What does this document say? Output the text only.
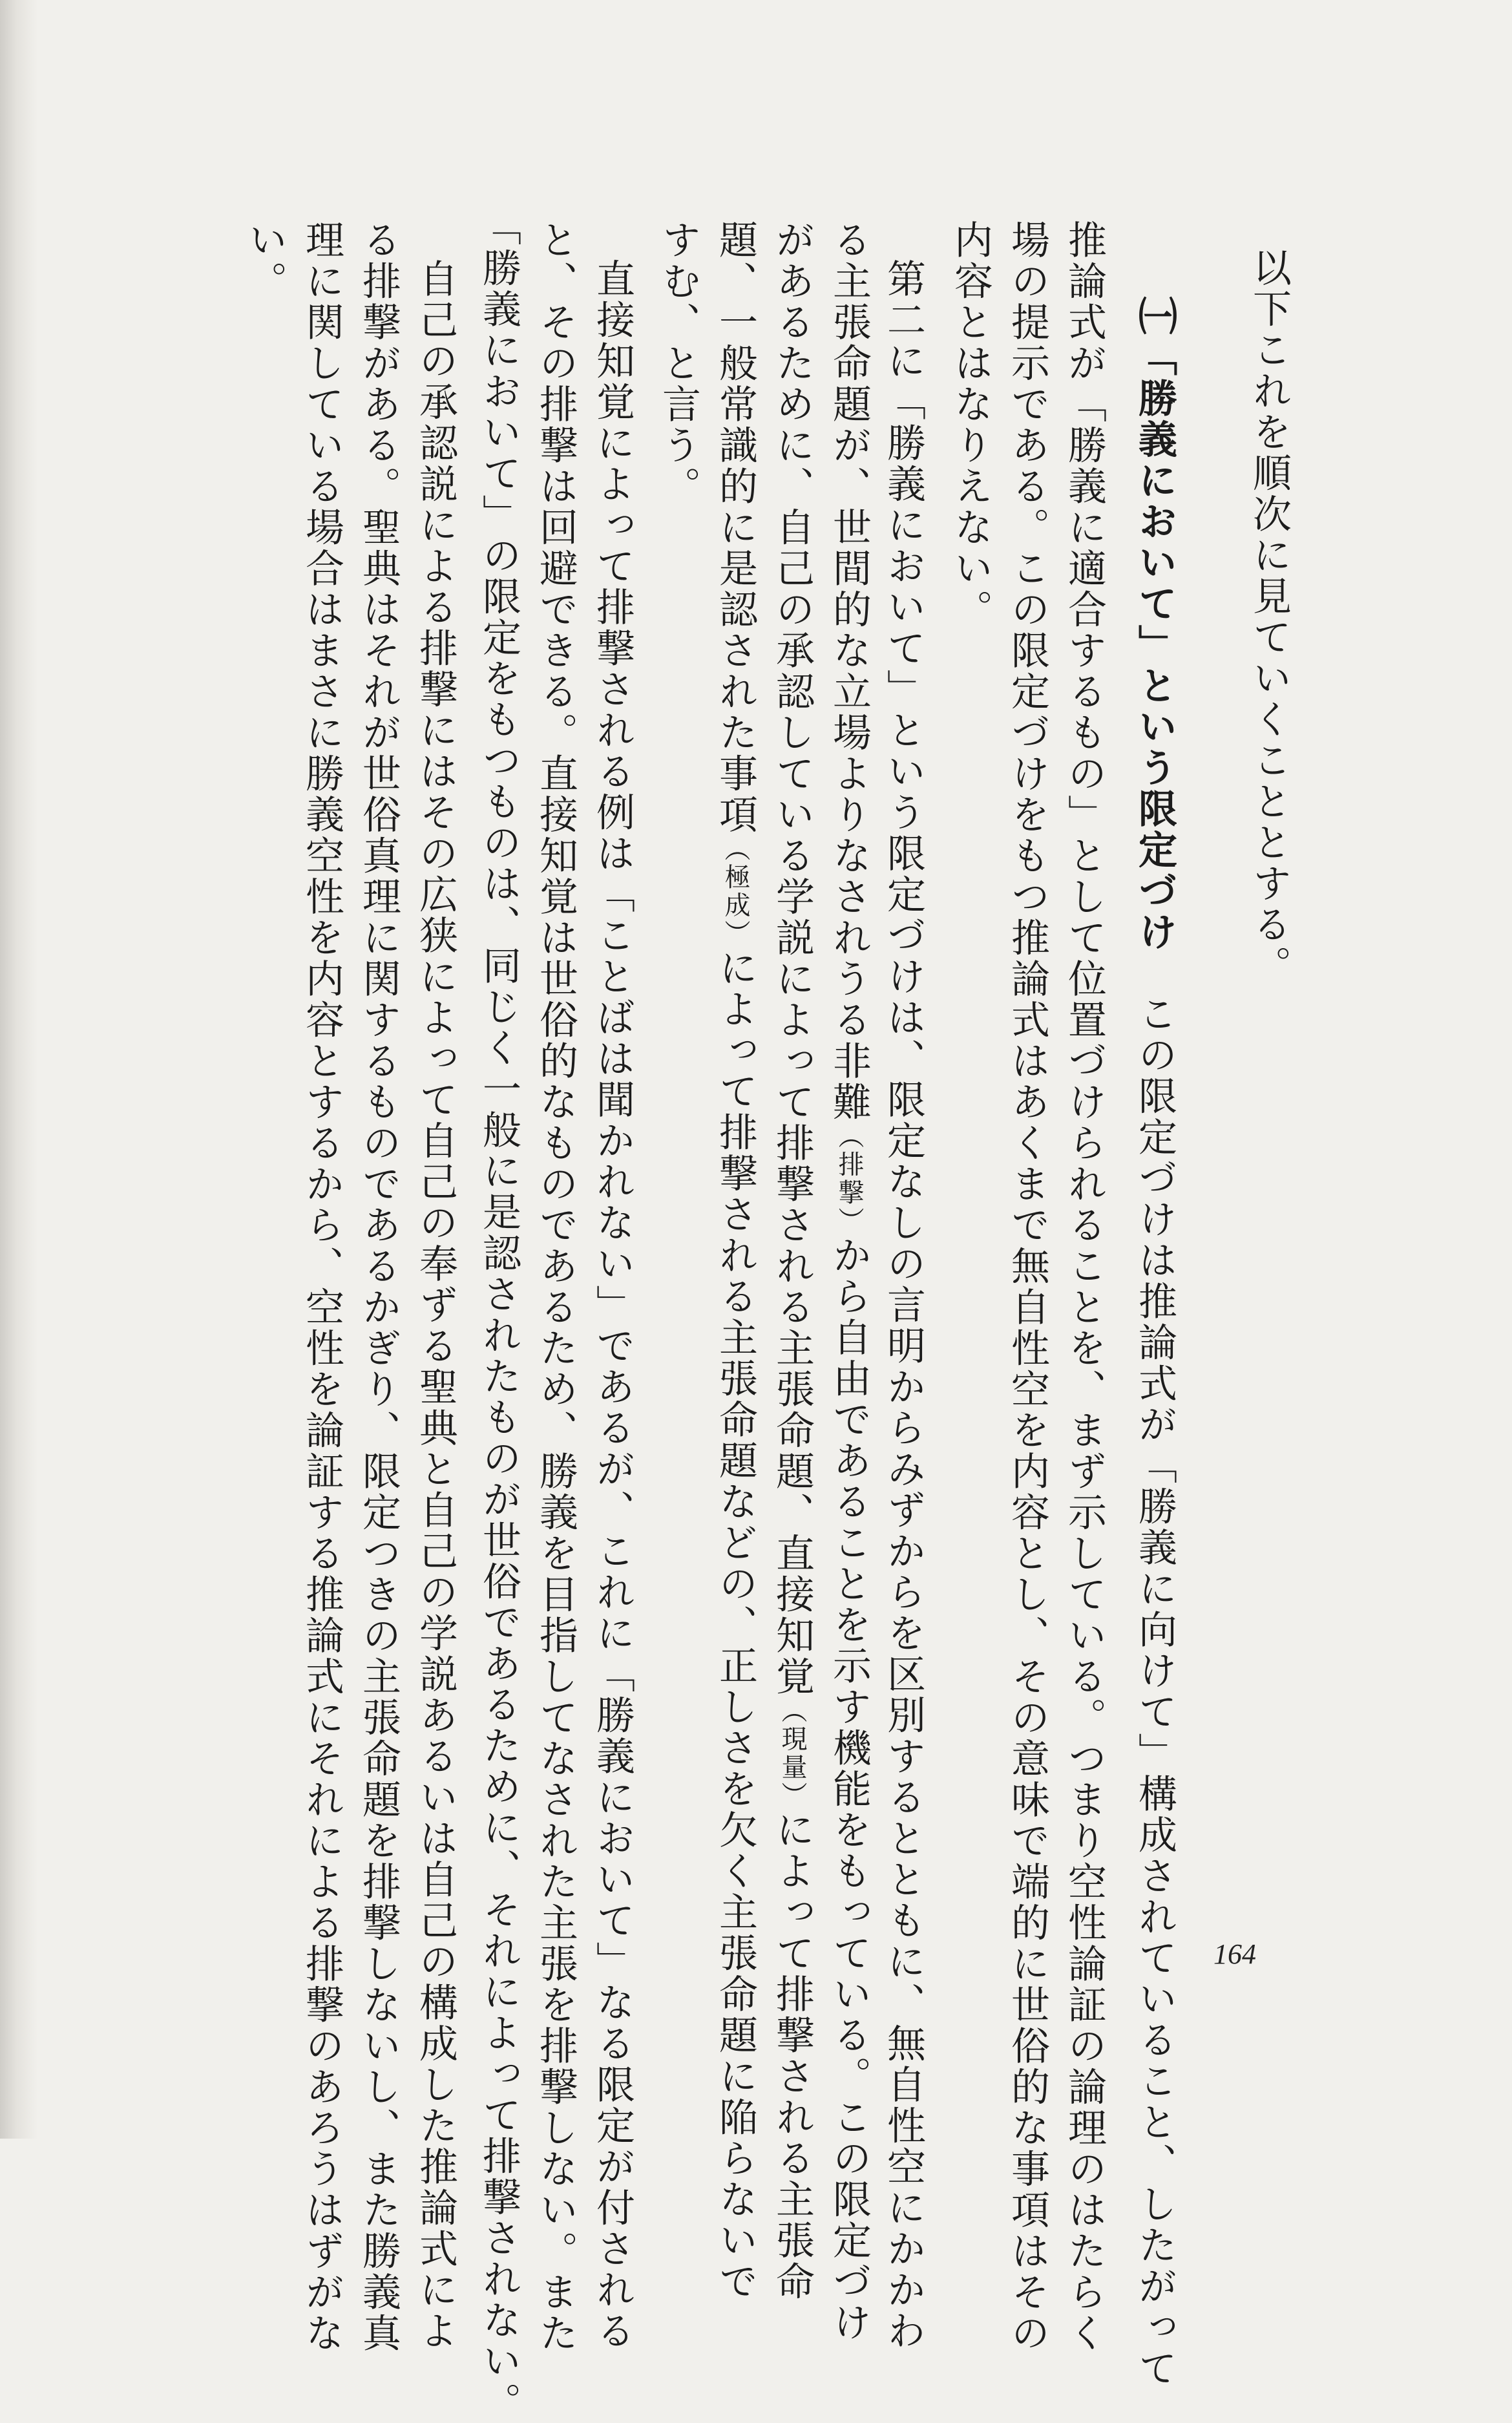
以下これを順次に見ていくこととする。
㈠「勝義において」という限定づけ　この限定づけは推論式が「勝義に向けて」構成されていること、したがって
推論式が「勝義に適合するもの」として位置づけられることを、まず示している。つまり空性論証の論理のはたらく
場の提示である。この限定づけをもつ推論式はあくまで無自性空を内容とし、その意味で端的に世俗的な事項はその
内容とはなりえない。
第二に「勝義において」という限定づけは、限定なしの言明からみずからを区別するとともに、無自性空にかかわ
る主張命題が、世間的な立場よりなされうる非難（排撃）から自由であることを示す機能をもっている。この限定づけ
があるために、自己の承認している学説によって排撃される主張命題、直接知覚（現量）によって排撃される主張命
題、一般常識的に是認された事項（極成）によって排撃される主張命題などの、正しさを欠く主張命題に陥らないで
すむ、と言う。
直接知覚によって排撃される例は「ことばは聞かれない」であるが、これに「勝義において」なる限定が付される
と、その排撃は回避できる。直接知覚は世俗的なものであるため、勝義を目指してなされた主張を排撃しない。また
「勝義において」の限定をもつものは、同じく一般に是認されたものが世俗であるために、それによって排撃されない。
自己の承認説による排撃にはその広狭によって自己の奉ずる聖典と自己の学説あるいは自己の構成した推論式によ
る排撃がある。聖典はそれが世俗真理に関するものであるかぎり、限定つきの主張命題を排撃しないし、また勝義真
理に関している場合はまさに勝義空性を内容とするから、空性を論証する推論式にそれによる排撃のあろうはずがな
い。
164
